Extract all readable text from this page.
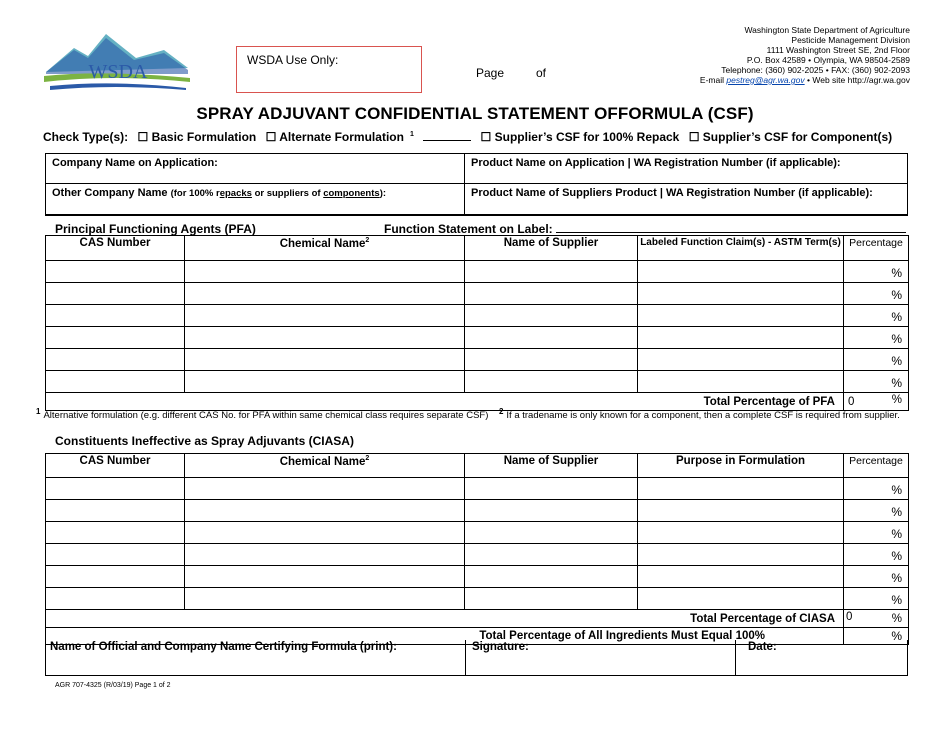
WSDA
WSDA Use Only:
Page	of
Washington State Department of Agriculture
Pesticide Management Division
1111 Washington Street SE, 2nd Floor
P.O. Box 42589 • Olympia, WA 98504-2589
Telephone: (360) 902-2025 • FAX: (360) 902-2093
E-mail pestreg@agr.wa.gov • Web site http://agr.wa.gov
SPRAY ADJUVANT CONFIDENTIAL STATEMENT OFFORMULA (CSF)
Check Type(s): ☐ Basic Formulation ☐ Alternate Formulation $^1$	☐ Supplier’s CSF for 100% Repack ☐ Supplier’s CSF for Component(s)
Company Name on Application:	Product Name on Application | WA Registration Number (if applicable):
Other Company Name (for 100% repacks or suppliers of components):	Product Name of Suppliers Product | WA Registration Number (if applicable):
Principal Functioning Agents (PFA)	Function Statement on Label:
CAS Number	Chemical Name$^2$	Name of Supplier	Labeled Function Claim(s) - ASTM Term(s)	Percentage
				%
				%
				%
				%
				%
				%
Total Percentage of PFA				0 %
$^1$ Alternative formulation (e.g. different CAS No. for PFA within same chemical class requires separate CSF) $^2$ If a tradename is only known for a component, then a complete CSF is required from supplier.
Constituents Ineffective as Spray Adjuvants (CIASA)
CAS Number	Chemical Name$^2$	Name of Supplier	Purpose in Formulation	Percentage
				%
				%
				%
				%
				%
				%
Total Percentage of CIASA				0 %

Total Percentage of All Ingredients Must Equal 100%				%
Name of Official and Company Name Certifying Formula (print):	Signature:	Date:
AGR 707-4325 (R/03/19) Page 1 of 2
